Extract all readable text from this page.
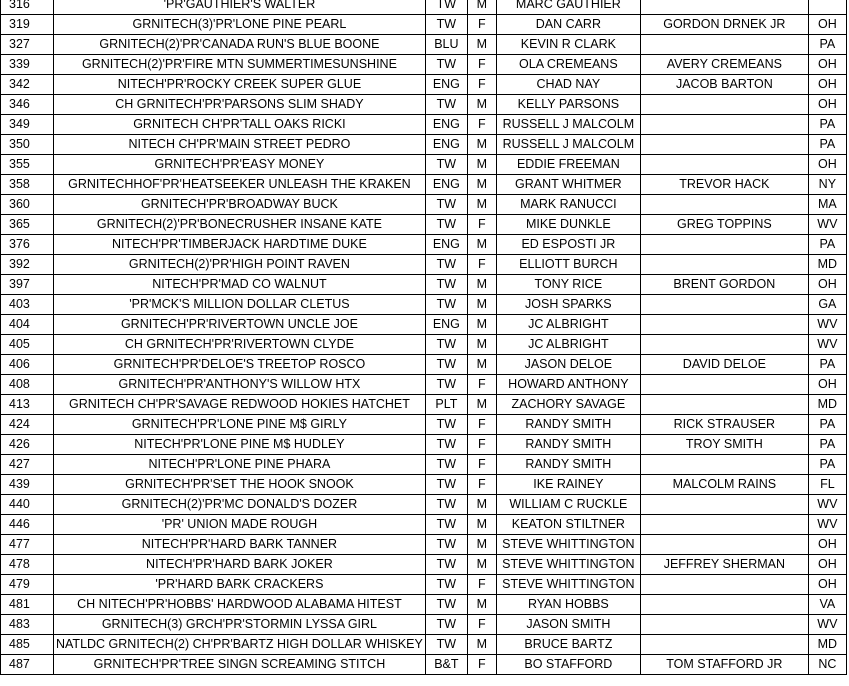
316	'PR'GAUTHIER'S WALTER	TW	M	MARC GAUTHIER		
319	GRNITECH(3)'PR'LONE PINE PEARL	TW	F	DAN CARR	GORDON DRNEK JR	OH
327	GRNITECH(2)'PR'CANADA RUN'S BLUE BOONE	BLU	M	KEVIN R CLARK		PA
339	GRNITECH(2)'PR'FIRE MTN SUMMERTIMESUNSHINE	TW	F	OLA CREMEANS	AVERY CREMEANS	OH
342	NITECH'PR'ROCKY CREEK SUPER GLUE	ENG	F	CHAD NAY	JACOB BARTON	OH
346	CH GRNITECH'PR'PARSONS SLIM SHADY	TW	M	KELLY PARSONS		OH
349	GRNITECH CH'PR'TALL OAKS RICKI	ENG	F	RUSSELL J MALCOLM		PA
350	NITECH CH'PR'MAIN STREET PEDRO	ENG	M	RUSSELL J MALCOLM		PA
355	GRNITECH'PR'EASY MONEY	TW	M	EDDIE FREEMAN		OH
358	GRNITECHHOF'PR'HEATSEEKER UNLEASH THE KRAKEN	ENG	M	GRANT WHITMER	TREVOR HACK	NY
360	GRNITECH'PR'BROADWAY BUCK	TW	M	MARK RANUCCI		MA
365	GRNITECH(2)'PR'BONECRUSHER INSANE KATE	TW	F	MIKE DUNKLE	GREG TOPPINS	WV
376	NITECH'PR'TIMBERJACK HARDTIME DUKE	ENG	M	ED ESPOSTI JR		PA
392	GRNITECH(2)'PR'HIGH POINT RAVEN	TW	F	ELLIOTT BURCH		MD
397	NITECH'PR'MAD CO WALNUT	TW	M	TONY RICE	BRENT GORDON	OH
403	'PR'MCK'S MILLION DOLLAR CLETUS	TW	M	JOSH SPARKS		GA
404	GRNITECH'PR'RIVERTOWN UNCLE JOE	ENG	M	JC ALBRIGHT		WV
405	CH GRNITECH'PR'RIVERTOWN CLYDE	TW	M	JC ALBRIGHT		WV
406	GRNITECH'PR'DELOE'S TREETOP ROSCO	TW	M	JASON DELOE	DAVID DELOE	PA
408	GRNITECH'PR'ANTHONY'S WILLOW HTX	TW	F	HOWARD ANTHONY		OH
413	GRNITECH CH'PR'SAVAGE REDWOOD HOKIES HATCHET	PLT	M	ZACHORY SAVAGE		MD
424	GRNITECH'PR'LONE PINE M$ GIRLY	TW	F	RANDY SMITH	RICK STRAUSER	PA
426	NITECH'PR'LONE PINE M$ HUDLEY	TW	F	RANDY SMITH	TROY SMITH	PA
427	NITECH'PR'LONE PINE PHARA	TW	F	RANDY SMITH		PA
439	GRNITECH'PR'SET THE HOOK SNOOK	TW	F	IKE RAINEY	MALCOLM RAINS	FL
440	GRNITECH(2)'PR'MC DONALD'S DOZER	TW	M	WILLIAM C RUCKLE		WV
446	'PR' UNION MADE ROUGH	TW	M	KEATON STILTNER		WV
477	NITECH'PR'HARD BARK TANNER	TW	M	STEVE WHITTINGTON		OH
478	NITECH'PR'HARD BARK JOKER	TW	M	STEVE WHITTINGTON	JEFFREY SHERMAN	OH
479	'PR'HARD BARK CRACKERS	TW	F	STEVE WHITTINGTON		OH
481	CH NITECH'PR'HOBBS' HARDWOOD ALABAMA HITEST	TW	M	RYAN HOBBS		VA
483	GRNITECH(3) GRCH'PR'STORMIN LYSSA GIRL	TW	F	JASON SMITH		WV
485	NATLDC GRNITECH(2) CH'PR'BARTZ HIGH DOLLAR WHISKEY	TW	M	BRUCE BARTZ		MD
487	GRNITECH'PR'TREE SINGN SCREAMING STITCH	B&T	F	BO STAFFORD	TOM STAFFORD JR	NC
